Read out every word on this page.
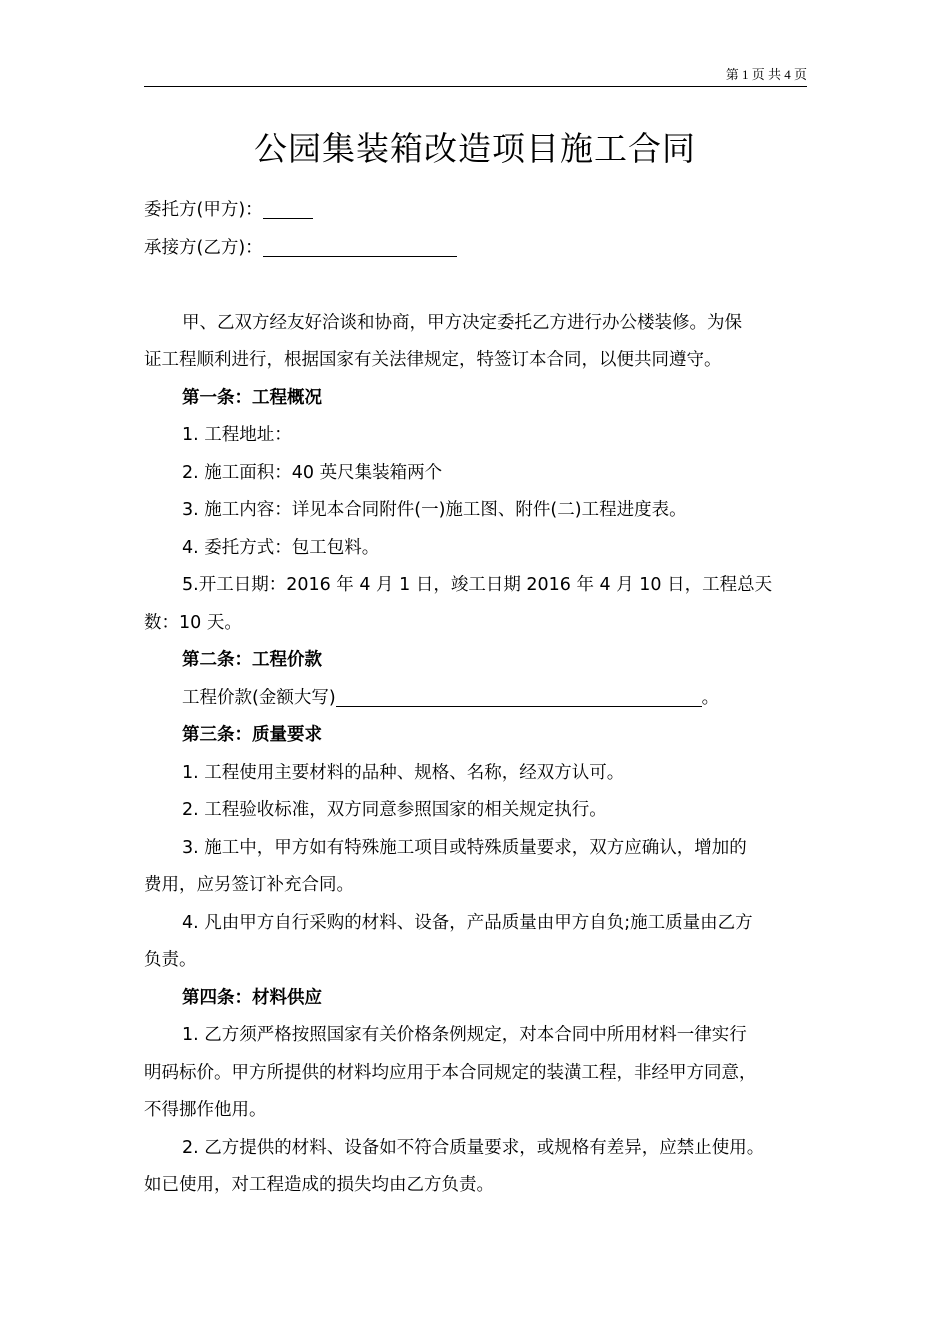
第 1 页 共 4 页
公园集装箱改造项目施工合同

委托方(甲方)：

承接方(乙方)：

甲、乙双方经友好洽谈和协商，甲方决定委托乙方进行办公楼装修。为保

证工程顺利进行，根据国家有关法律规定，特签订本合同，以便共同遵守。

第一条：工程概况

1. 工程地址：

2. 施工面积：40 英尺集装箱两个

3. 施工内容：详见本合同附件(一)施工图、附件(二)工程进度表。

4. 委托方式：包工包料。

5.开工日期：2016 年 4 月 1 日，竣工日期 2016 年 4 月 10 日，工程总天

数：10 天。

第二条：工程价款

工程价款(金额大写)	。

第三条：质量要求

1. 工程使用主要材料的品种、规格、名称，经双方认可。

2. 工程验收标准，双方同意参照国家的相关规定执行。

3. 施工中，甲方如有特殊施工项目或特殊质量要求，双方应确认，增加的

费用，应另签订补充合同。

4. 凡由甲方自行采购的材料、设备，产品质量由甲方自负;施工质量由乙方

负责。

第四条：材料供应

1. 乙方须严格按照国家有关价格条例规定，对本合同中所用材料一律实行

明码标价。甲方所提供的材料均应用于本合同规定的装潢工程，非经甲方同意，

不得挪作他用。

2. 乙方提供的材料、设备如不符合质量要求，或规格有差异，应禁止使用。

如已使用，对工程造成的损失均由乙方负责。
